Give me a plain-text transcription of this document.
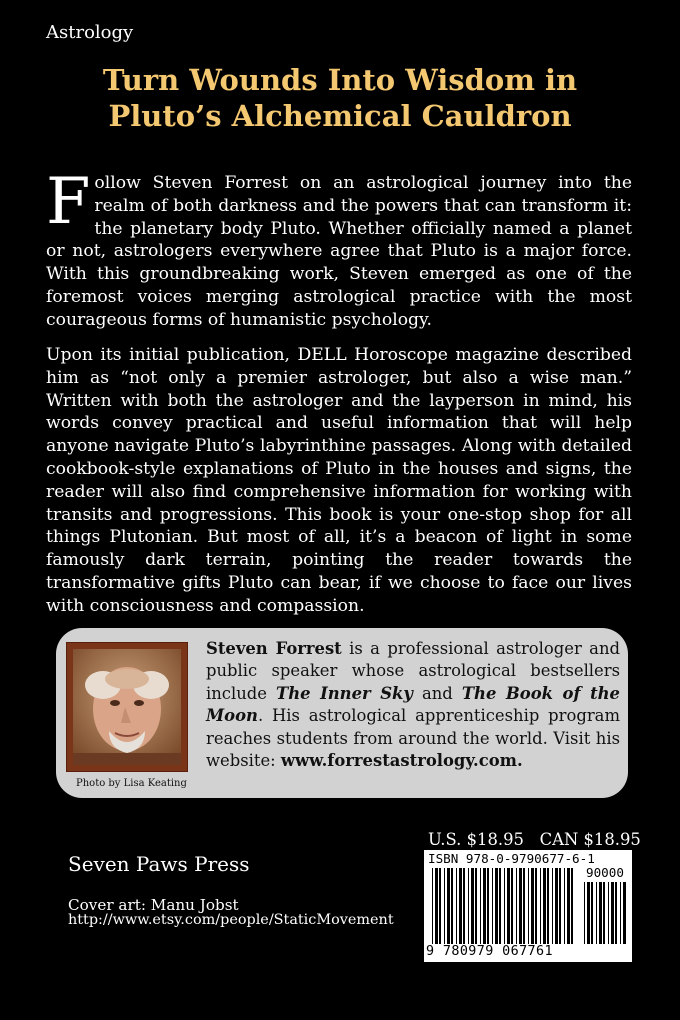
Astrology
Turn Wounds Into Wisdom in
Pluto’s Alchemical Cauldron
Follow Steven Forrest on an astrological journey into the realm of both darkness and the powers that can transform it: the planetary body Pluto. Whether officially named a planet or not, astrologers everywhere agree that Pluto is a major force. With this groundbreaking work, Steven emerged as one of the foremost voices merging astrological practice with the most courageous forms of humanistic psychology.
Upon its initial publication, DELL Horoscope magazine described him as “not only a premier astrologer, but also a wise man.” Written with both the astrologer and the layperson in mind, his words convey practical and useful information that will help anyone navigate Pluto’s labyrinthine passages. Along with detailed cookbook-style explanations of Pluto in the houses and signs, the reader will also find comprehensive information for working with transits and progressions. This book is your one-stop shop for all things Plutonian. But most of all, it’s a beacon of light in some famously dark terrain, pointing the reader towards the transformative gifts Pluto can bear, if we choose to face our lives with consciousness and compassion.
Photo by Lisa Keating
Steven Forrest is a professional astrologer and public speaker whose astrological bestsellers include The Inner Sky and The Book of the Moon. His astrological apprenticeship program reaches students from around the world. Visit his website: www.forrestastrology.com.
Seven Paws Press
Cover art: Manu Jobst
http://www.etsy.com/people/StaticMovement
U.S. $18.95 CAN $18.95
ISBN 978-0-9790677-6-1
90000
9 780979 067761
